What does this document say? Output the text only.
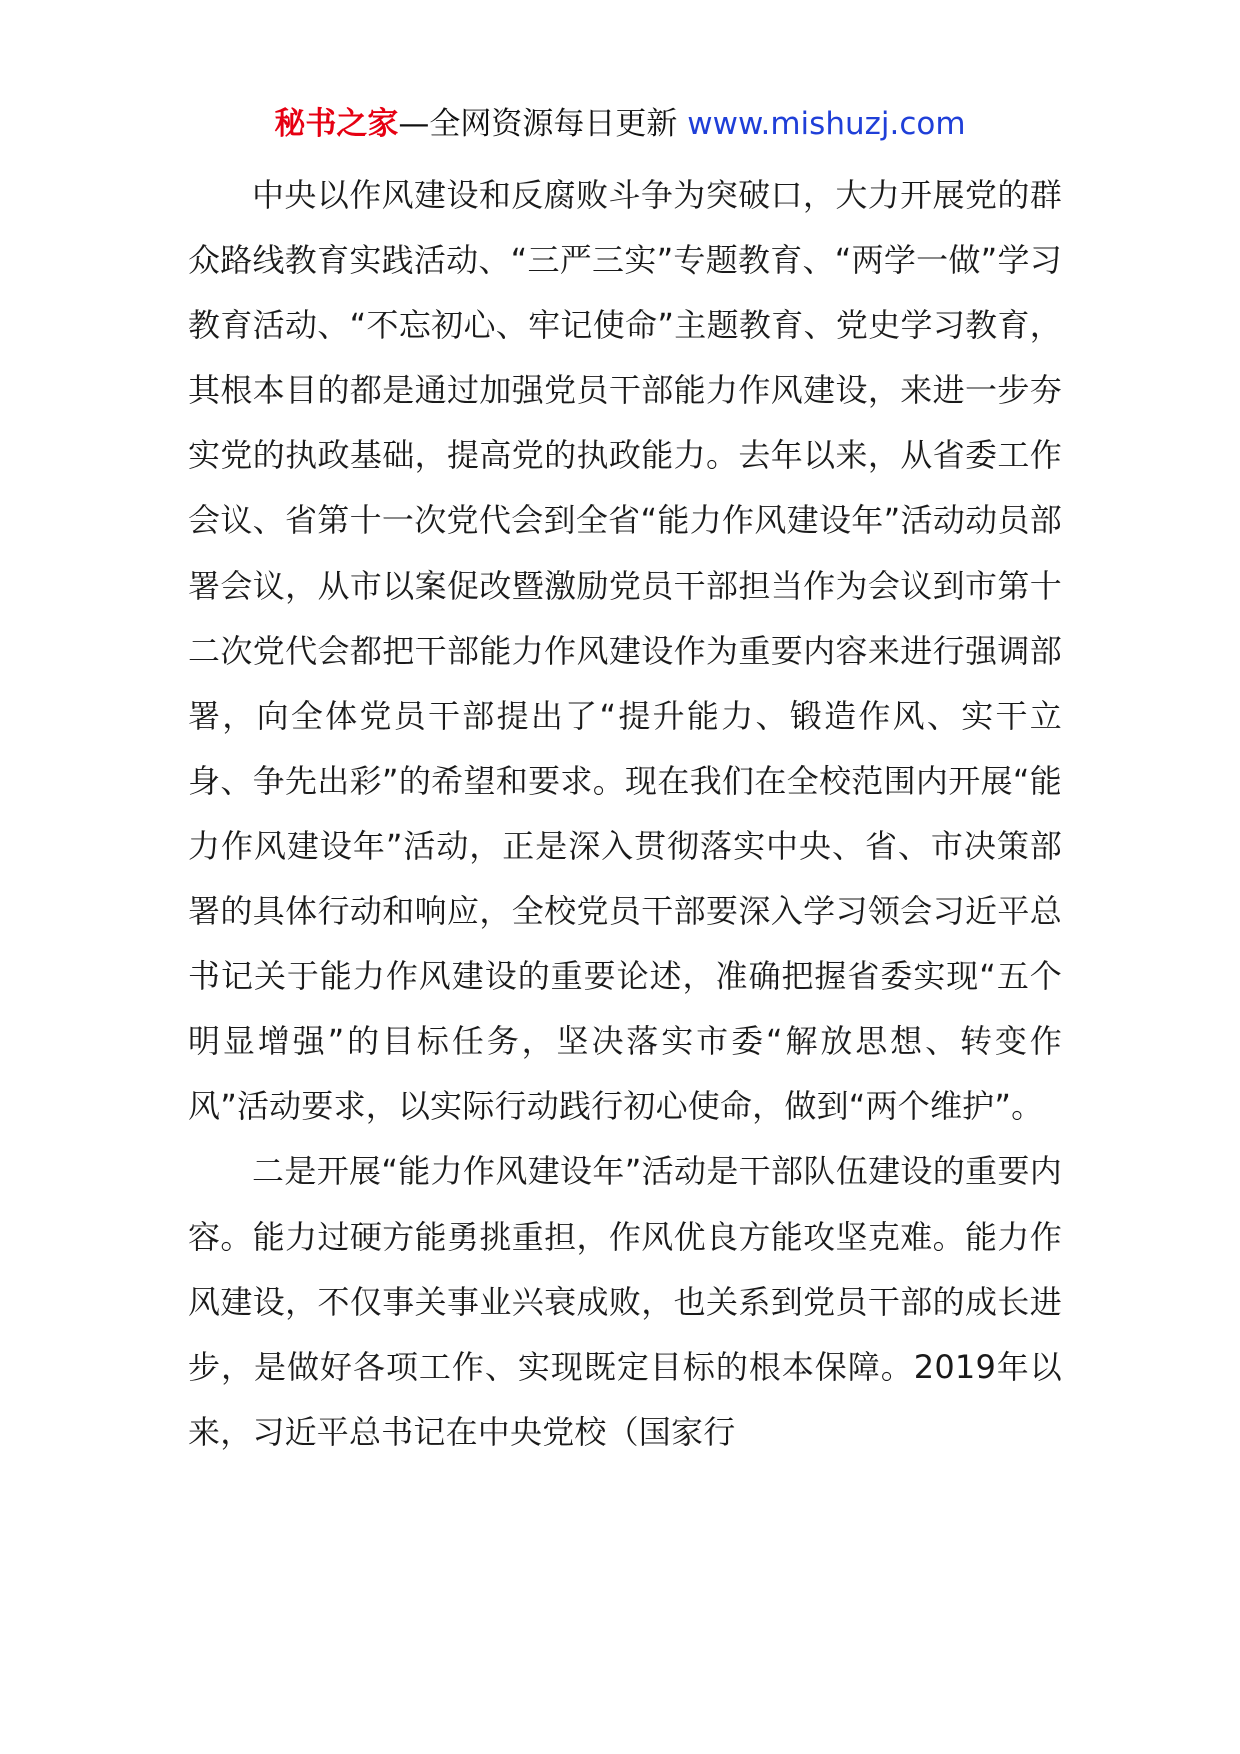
秘书之家—全网资源每日更新 www.mishuzj.com

中央以作风建设和反腐败斗争为突破口，大力开展党的群众路线教育实践活动、“三严三实”专题教育、“两学一做”学习教育活动、“不忘初心、牢记使命”主题教育、党史学习教育，其根本目的都是通过加强党员干部能力作风建设，来进一步夯实党的执政基础，提高党的执政能力。去年以来，从省委工作会议、省第十一次党代会到全省“能力作风建设年”活动动员部署会议，从市以案促改暨激励党员干部担当作为会议到市第十二次党代会都把干部能力作风建设作为重要内容来进行强调部署，向全体党员干部提出了“提升能力、锻造作风、实干立身、争先出彩”的希望和要求。现在我们在全校范围内开展“能力作风建设年”活动，正是深入贯彻落实中央、省、市决策部署的具体行动和响应，全校党员干部要深入学习领会习近平总书记关于能力作风建设的重要论述，准确把握省委实现“五个明显增强”的目标任务，坚决落实市委“解放思想、转变作风”活动要求，以实际行动践行初心使命，做到“两个维护”。

二是开展“能力作风建设年”活动是干部队伍建设的重要内容。能力过硬方能勇挑重担，作风优良方能攻坚克难。能力作风建设，不仅事关事业兴衰成败，也关系到党员干部的成长进步，是做好各项工作、实现既定目标的根本保障。2019年以来，习近平总书记在中央党校（国家行
